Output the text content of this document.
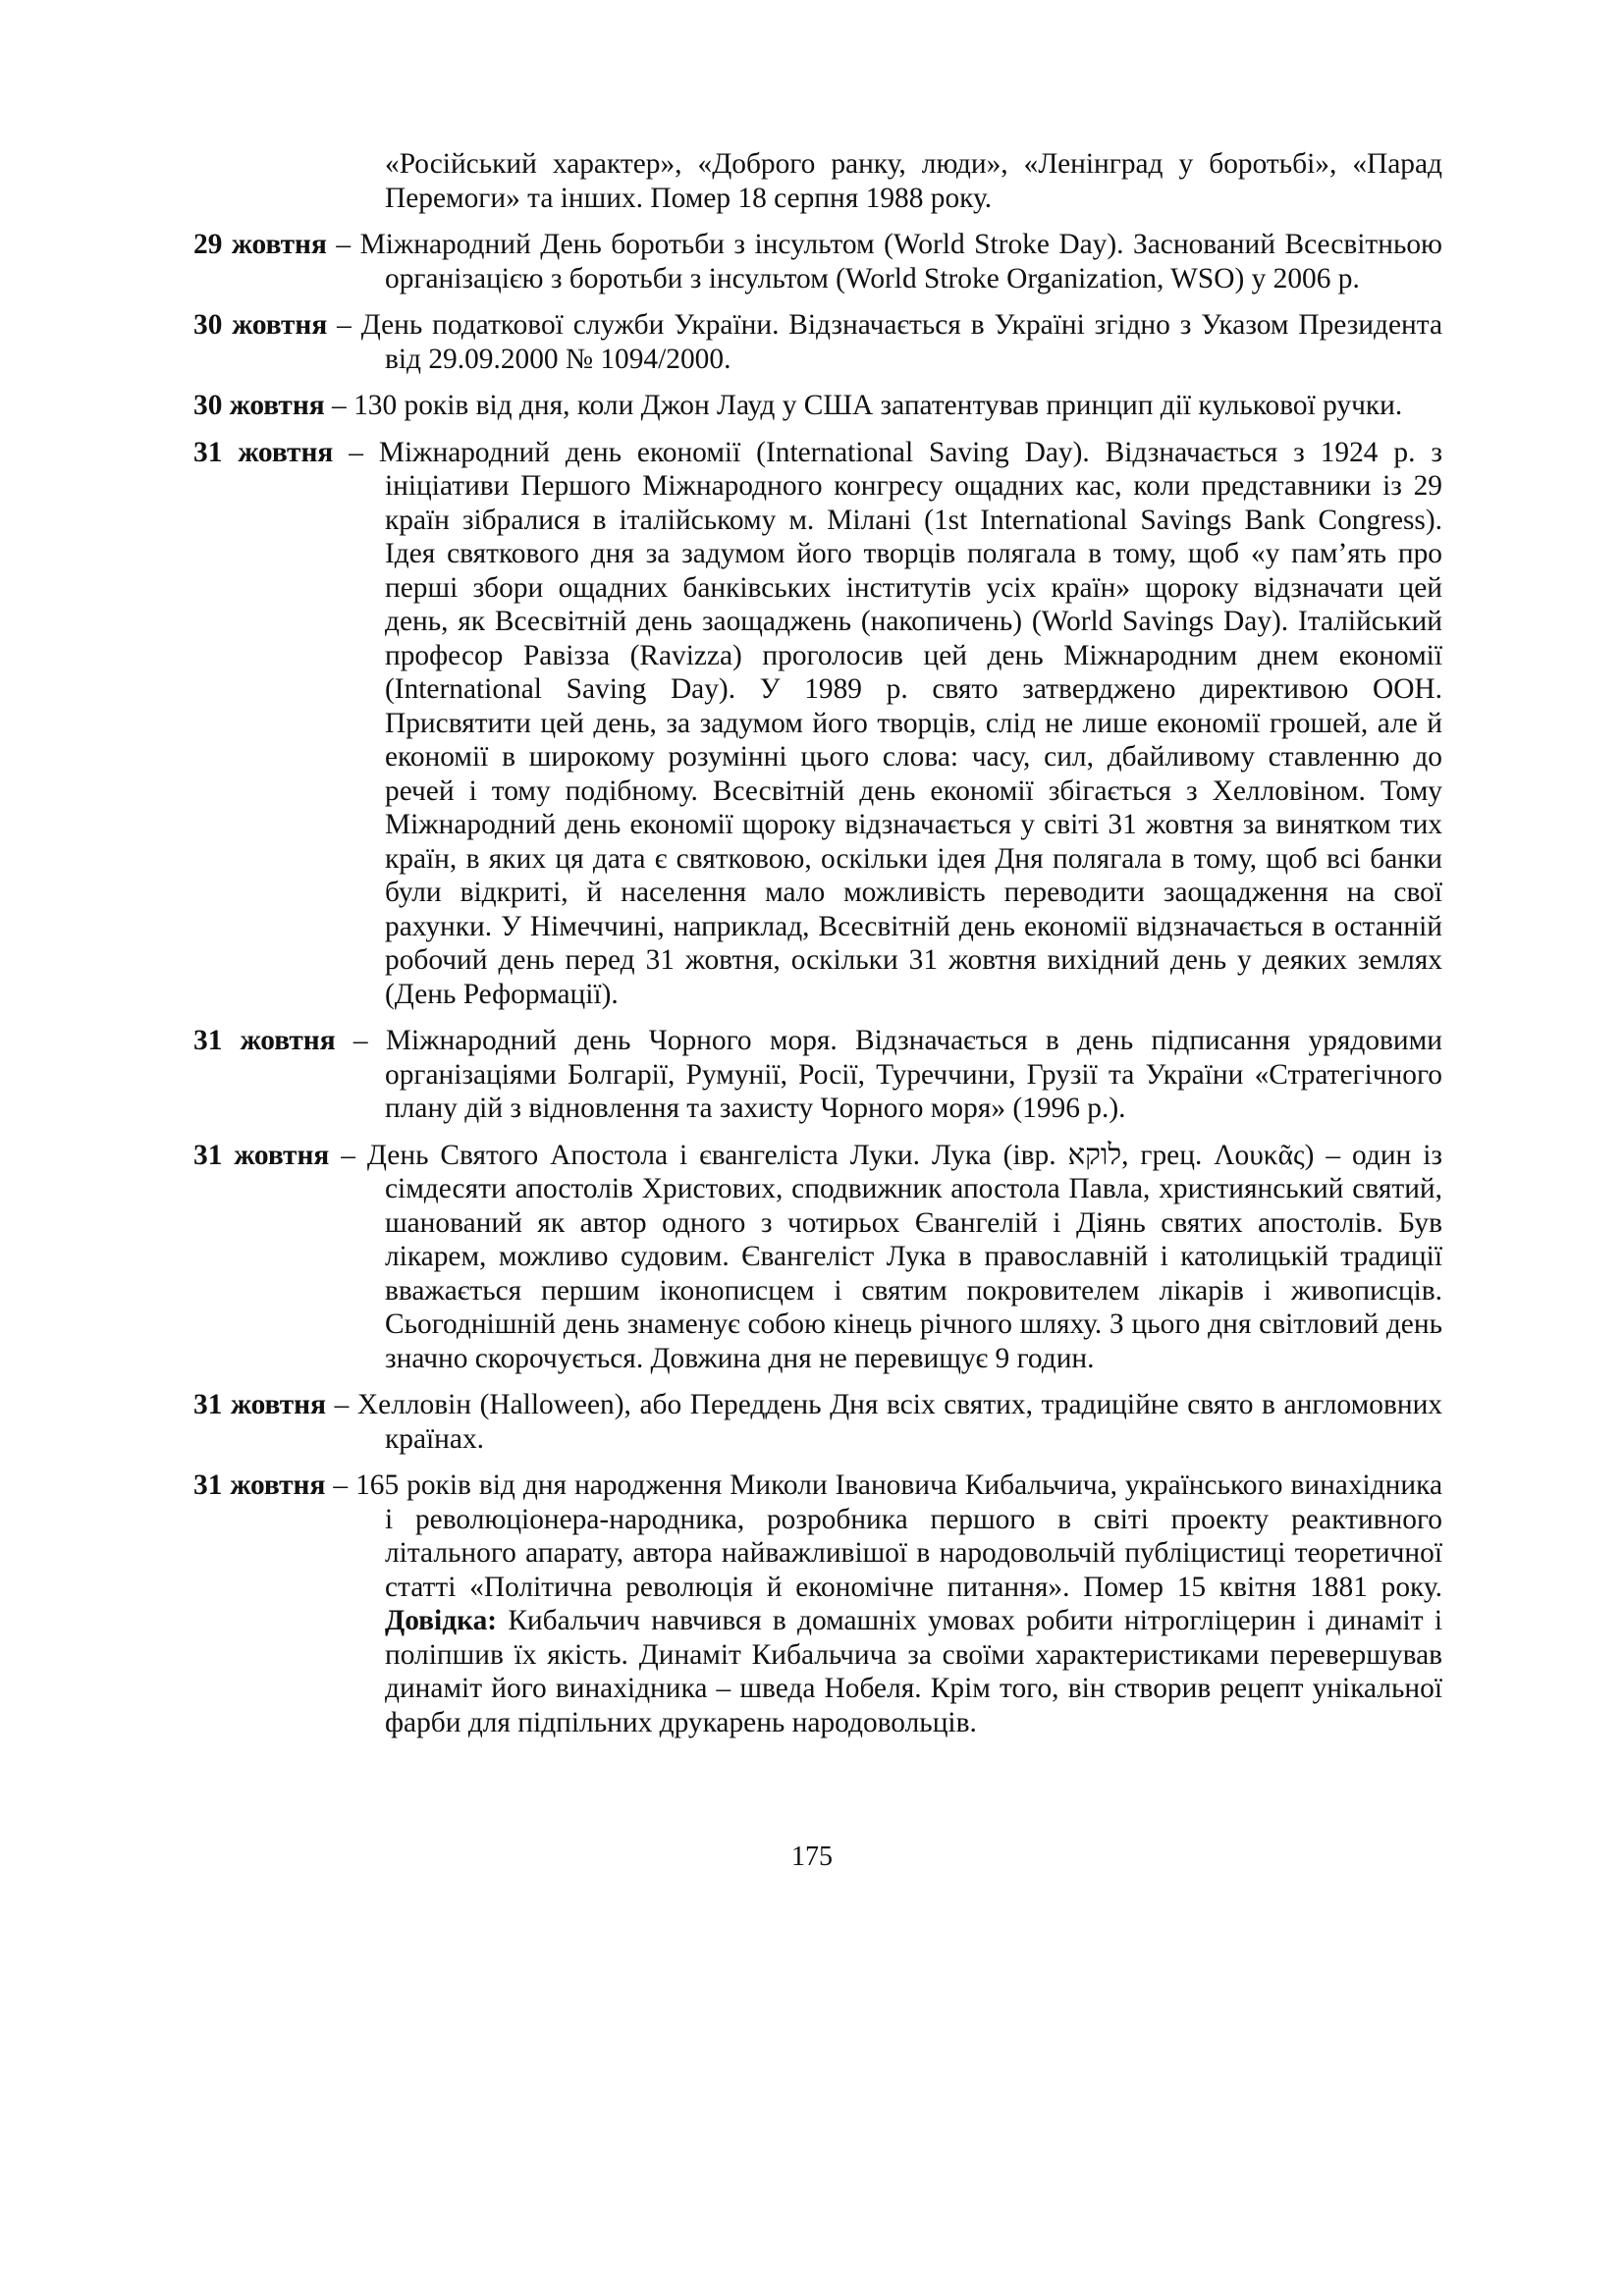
«Російський характер», «Доброго ранку, люди», «Ленінград у боротьбі», «Парад Перемоги» та інших. Помер 18 серпня 1988 року.

29 жовтня – Міжнародний День боротьби з інсультом (World Stroke Day). Заснований Всесвітньою організацією з боротьби з інсультом (World Stroke Organization, WSO) у 2006 р.

30 жовтня – День податкової служби України. Відзначається в Україні згідно з Указом Президента від 29.09.2000 № 1094/2000.

30 жовтня – 130 років від дня, коли Джон Лауд у США запатентував принцип дії кулькової ручки.

31 жовтня – Міжнародний день економії (International Saving Day). Відзначається з 1924 р. з ініціативи Першого Міжнародного конгресу ощадних кас, коли представники із 29 країн зібралися в італійському м. Мілані (1st International Savings Bank Congress). Ідея святкового дня за задумом його творців полягала в тому, щоб «у пам’ять про перші збори ощадних банківських інститутів усіх країн» щороку відзначати цей день, як Всесвітній день заощаджень (накопичень) (World Savings Day). Італійський професор Равізза (Ravizza) проголосив цей день Міжнародним днем економії (International Saving Day). У 1989 р. свято затверджено директивою ООН. Присвятити цей день, за задумом його творців, слід не лише економії грошей, але й економії в широкому розумінні цього слова: часу, сил, дбайливому ставленню до речей і тому подібному. Всесвітній день економії збігається з Хелловіном. Тому Міжнародний день економії щороку відзначається у світі 31 жовтня за винятком тих країн, в яких ця дата є святковою, оскільки ідея Дня полягала в тому, щоб всі банки були відкриті, й населення мало можливість переводити заощадження на свої рахунки. У Німеччині, наприклад, Всесвітній день економії відзначається в останній робочий день перед 31 жовтня, оскільки 31 жовтня вихідний день у деяких землях (День Реформації).

31 жовтня – Міжнародний день Чорного моря. Відзначається в день підписання урядовими організаціями Болгарії, Румунії, Росії, Туреччини, Грузії та України «Стратегічного плану дій з відновлення та захисту Чорного моря» (1996 р.).

31 жовтня – День Святого Апостола і євангеліста Луки. Лука (івр. לוקא, грец. Λουκᾶς) – один із сімдесяти апостолів Христових, сподвижник апостола Павла, християнський святий, шанований як автор одного з чотирьох Євангелій і Діянь святих апостолів. Був лікарем, можливо судовим. Євангеліст Лука в православній і католицькій традиції вважається першим іконописцем і святим покровителем лікарів і живописців. Сьогоднішній день знаменує собою кінець річного шляху. З цього дня світловий день значно скорочується. Довжина дня не перевищує 9 годин.

31 жовтня – Хелловін (Halloween), або Переддень Дня всіх святих, традиційне свято в англомовних країнах.

31 жовтня – 165 років від дня народження Миколи Івановича Кибальчича, українського винахідника і революціонера-народника, розробника першого в світі проекту реактивного літального апарату, автора найважливішої в народовольчій публіцистиці теоретичної статті «Політична революція й економічне питання». Помер 15 квітня 1881 року. Довідка: Кибальчич навчився в домашніх умовах робити нітрогліцерин і динаміт і поліпшив їх якість. Динаміт Кибальчича за своїми характеристиками перевершував динаміт його винахідника – шведа Нобеля. Крім того, він створив рецепт унікальної фарби для підпільних друкарень народовольців.

175
